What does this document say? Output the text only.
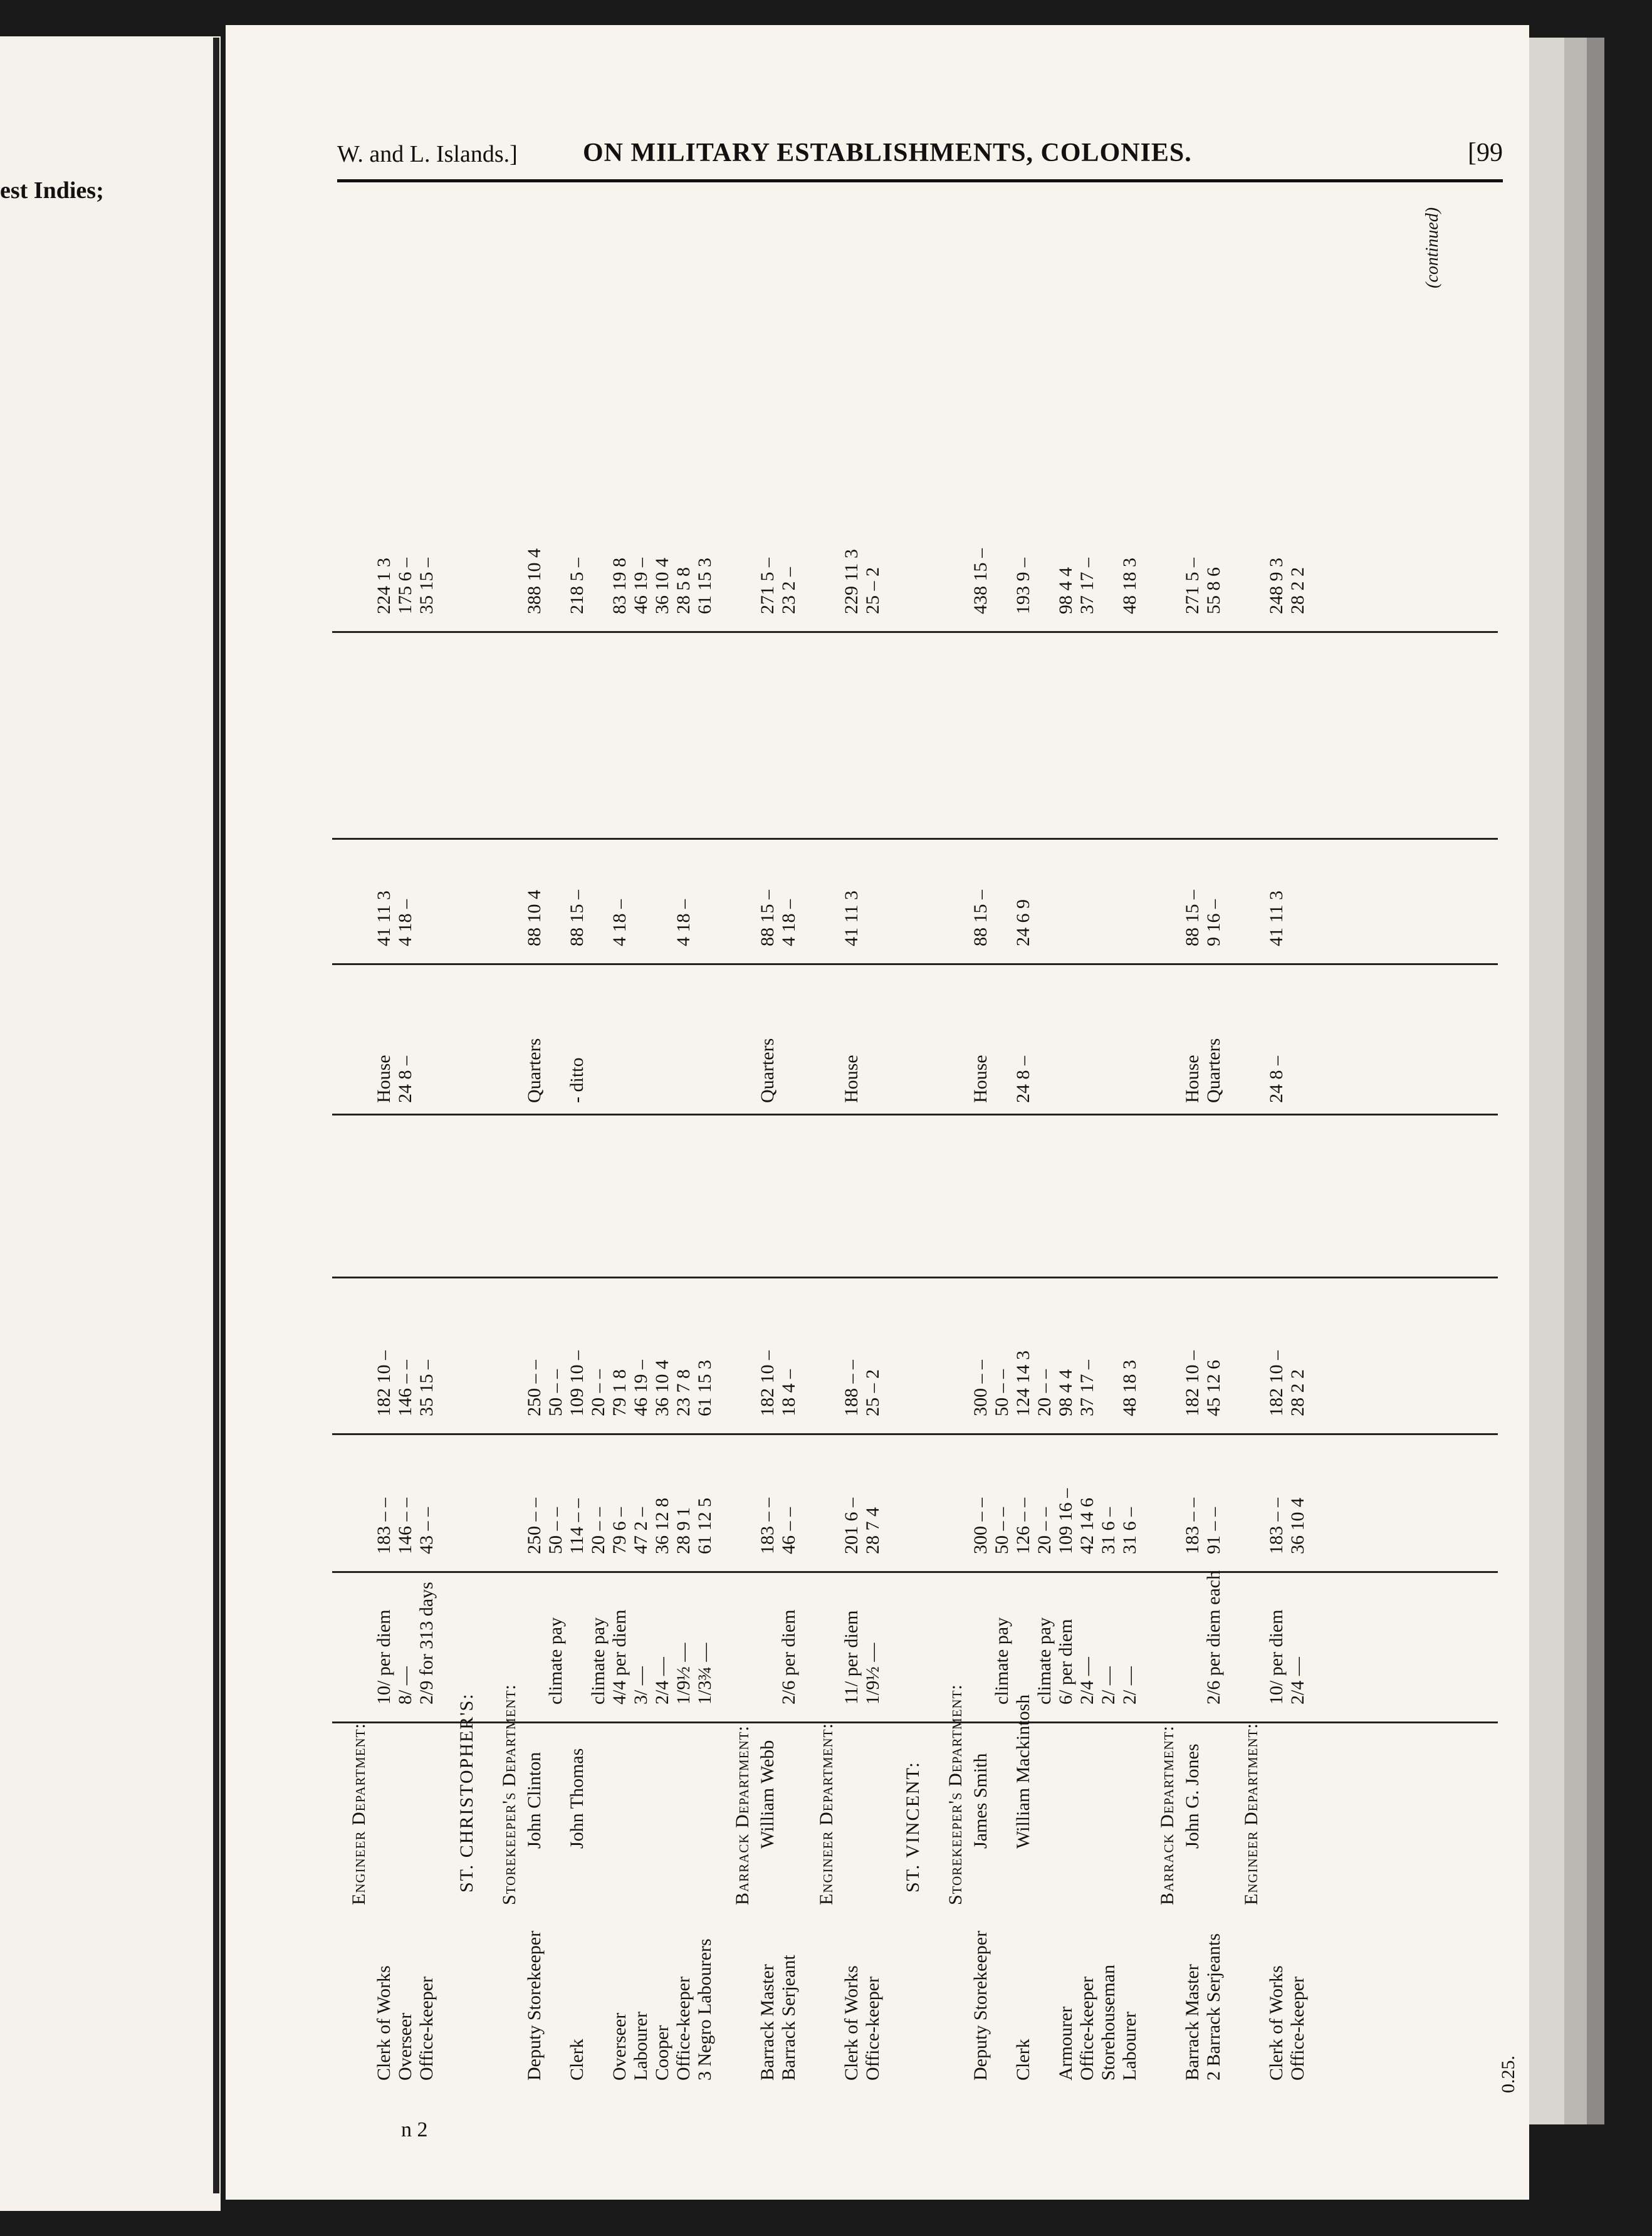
est Indies;
W. and L. Islands.] ON MILITARY ESTABLISHMENTS, COLONIES.	[99
(continued)
0.25.
Engineer Department:
Clerk of Works
10/ per diem
183 – –
182 10 –
House
41 11 3
224 1 3
Overseer
8/ —
146 – –
146 – –
24 8 –
4 18 –
175 6 –
Office-keeper
2/9 for 313 days
43 – –
35 15 –
35 15 –
ST. CHRISTOPHER'S: Storekeeper's Department:
Deputy Storekeeper
John Clinton
250 – –
250 – –
Quarters
88 10 4
388 10 4
climate pay
50 – –
50 – –
Clerk
John Thomas
114 – –
109 10 –
- ditto
88 15 –
218 5 –
climate pay
20 – –
20 – –
Overseer
4/4 per diem
79 6 –
79 1 8
4 18 –
83 19 8
Labourer
3/ —
47 2 –
46 19 –
46 19 –
Cooper
2/4 —
36 12 8
36 10 4
36 10 4
Office-keeper
1/9½ —
28 9 1
23 7 8
4 18 –
28 5 8
3 Negro Labourers
1/3¾ —
61 12 5
61 15 3
61 15 3
Barrack Department:
Barrack Master
William Webb
183 – –
182 10 –
Quarters
88 15 –
271 5 –
Barrack Serjeant
2/6 per diem
46 – –
18 4 –
4 18 –
23 2 –
Engineer Department:
Clerk of Works
11/ per diem
201 6 –
188 – –
House
41 11 3
229 11 3
Office-keeper
1/9½ —
28 7 4
25 – 2
25 – 2
ST. VINCENT: Storekeeper's Department:
Deputy Storekeeper
James Smith
300 – –
300 – –
House
88 15 –
438 15 –
climate pay
50 – –
50 – –
Clerk
William Mackintosh
126 – –
124 14 3
24 8 –
24 6 9
193 9 –
climate pay
20 – –
20 – –
Armourer
6/ per diem
109 16 –
98 4 4
98 4 4
Office-keeper
2/4 —
42 14 6
37 17 –
37 17 –
Storehouseman
2/ —
31 6 –
Labourer
2/ —
31 6 –
48 18 3
48 18 3
Barrack Department:
Barrack Master
John G. Jones
183 – –
182 10 –
House
88 15 –
271 5 –
2 Barrack Serjeants
2/6 per diem each
91 – –
45 12 6
Quarters
9 16 –
55 8 6
Engineer Department:
Clerk of Works
10/ per diem
183 – –
182 10 –
24 8 –
41 11 3
248 9 3
Office-keeper
2/4 —
36 10 4
28 2 2
28 2 2
n 2
